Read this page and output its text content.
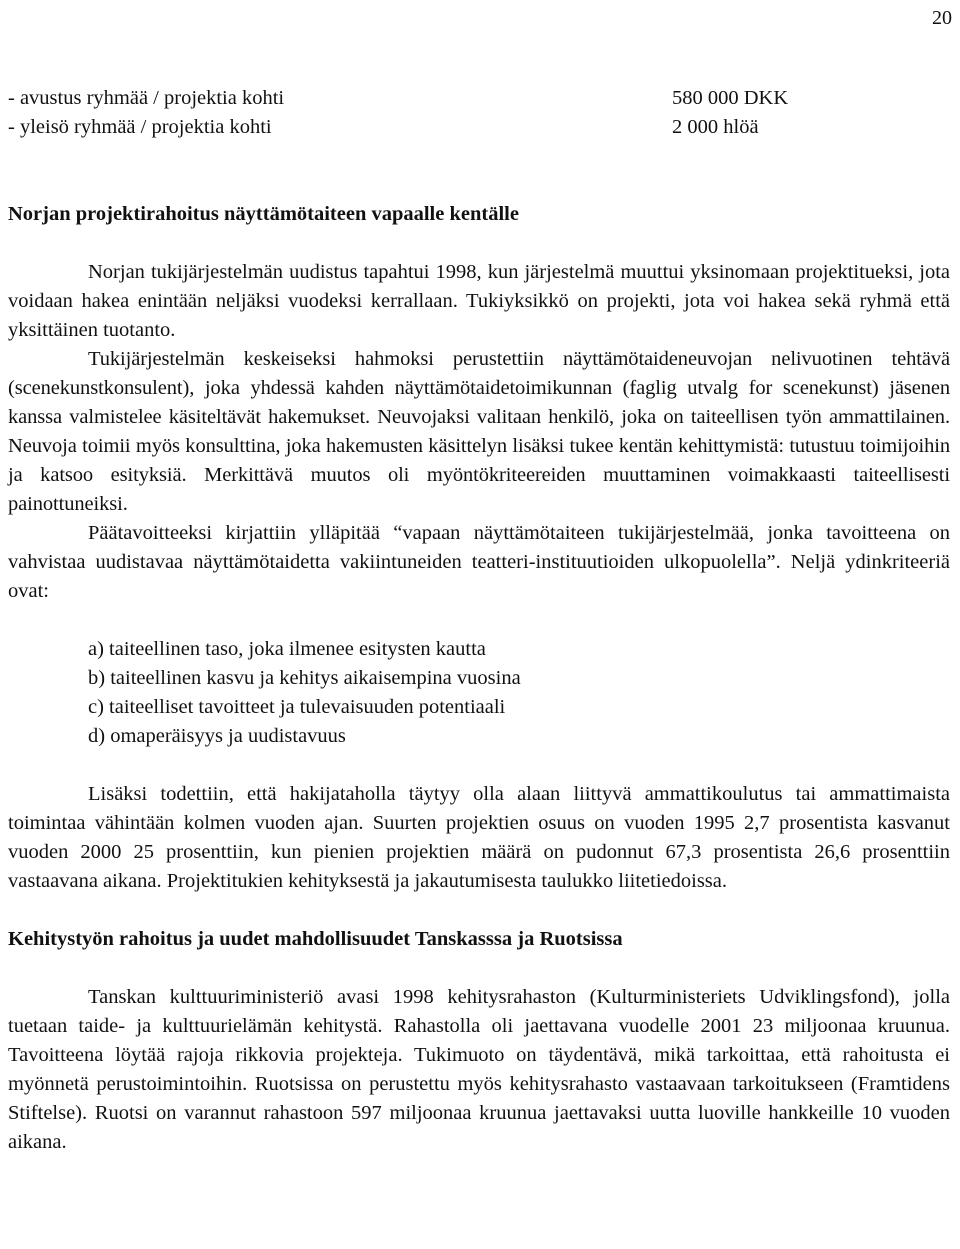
20
- avustus ryhmää / projektia kohti	580 000 DKK
- yleisö ryhmää / projektia kohti	2 000 hlöä
Norjan projektirahoitus näyttämötaiteen vapaalle kentälle

Norjan tukijärjestelmän uudistus tapahtui 1998, kun järjestelmä muuttui yksinomaan projektitueksi, jota voidaan hakea enintään neljäksi vuodeksi kerrallaan. Tukiyksikkö on projekti, jota voi hakea sekä ryhmä että yksittäinen tuotanto.

Tukijärjestelmän keskeiseksi hahmoksi perustettiin näyttämötaideneuvojan nelivuotinen tehtävä (scenekunstkonsulent), joka yhdessä kahden näyttämötaidetoimikunnan (faglig utvalg for scenekunst) jäsenen kanssa valmistelee käsiteltävät hakemukset. Neuvojaksi valitaan henkilö, joka on taiteellisen työn ammattilainen. Neuvoja toimii myös konsulttina, joka hakemusten käsittelyn lisäksi tukee kentän kehittymistä: tutustuu toimijoihin ja katsoo esityksiä. Merkittävä muutos oli myöntökriteereiden muuttaminen voimakkaasti taiteellisesti painottuneiksi.

Päätavoitteeksi kirjattiin ylläpitää “vapaan näyttämötaiteen tukijärjestelmää, jonka tavoitteena on vahvistaa uudistavaa näyttämötaidetta vakiintuneiden teatteri-instituutioiden ulkopuolella”. Neljä ydinkriteeriä ovat:

a) taiteellinen taso, joka ilmenee esitysten kautta
b) taiteellinen kasvu ja kehitys aikaisempina vuosina
c) taiteelliset tavoitteet ja tulevaisuuden potentiaali
d) omaperäisyys ja uudistavuus

Lisäksi todettiin, että hakijataholla täytyy olla alaan liittyvä ammattikoulutus tai ammattimaista toimintaa vähintään kolmen vuoden ajan. Suurten projektien osuus on vuoden 1995 2,7 prosentista kasvanut vuoden 2000 25 prosenttiin, kun pienien projektien määrä on pudonnut 67,3 prosentista 26,6 prosenttiin vastaavana aikana. Projektitukien kehityksestä ja jakautumisesta taulukko liitetiedoissa.

Kehitystyön rahoitus ja uudet mahdollisuudet Tanskasssa ja Ruotsissa

Tanskan kulttuuriministeriö avasi 1998 kehitysrahaston (Kulturministeriets Udviklingsfond), jolla tuetaan taide- ja kulttuurielämän kehitystä. Rahastolla oli jaettavana vuodelle 2001 23 miljoonaa kruunua. Tavoitteena löytää rajoja rikkovia projekteja. Tukimuoto on täydentävä, mikä tarkoittaa, että rahoitusta ei myönnetä perustoimintoihin. Ruotsissa on perustettu myös kehitysrahasto vastaavaan tarkoitukseen (Framtidens Stiftelse). Ruotsi on varannut rahastoon 597 miljoonaa kruunua jaettavaksi uutta luoville hankkeille 10 vuoden aikana.
